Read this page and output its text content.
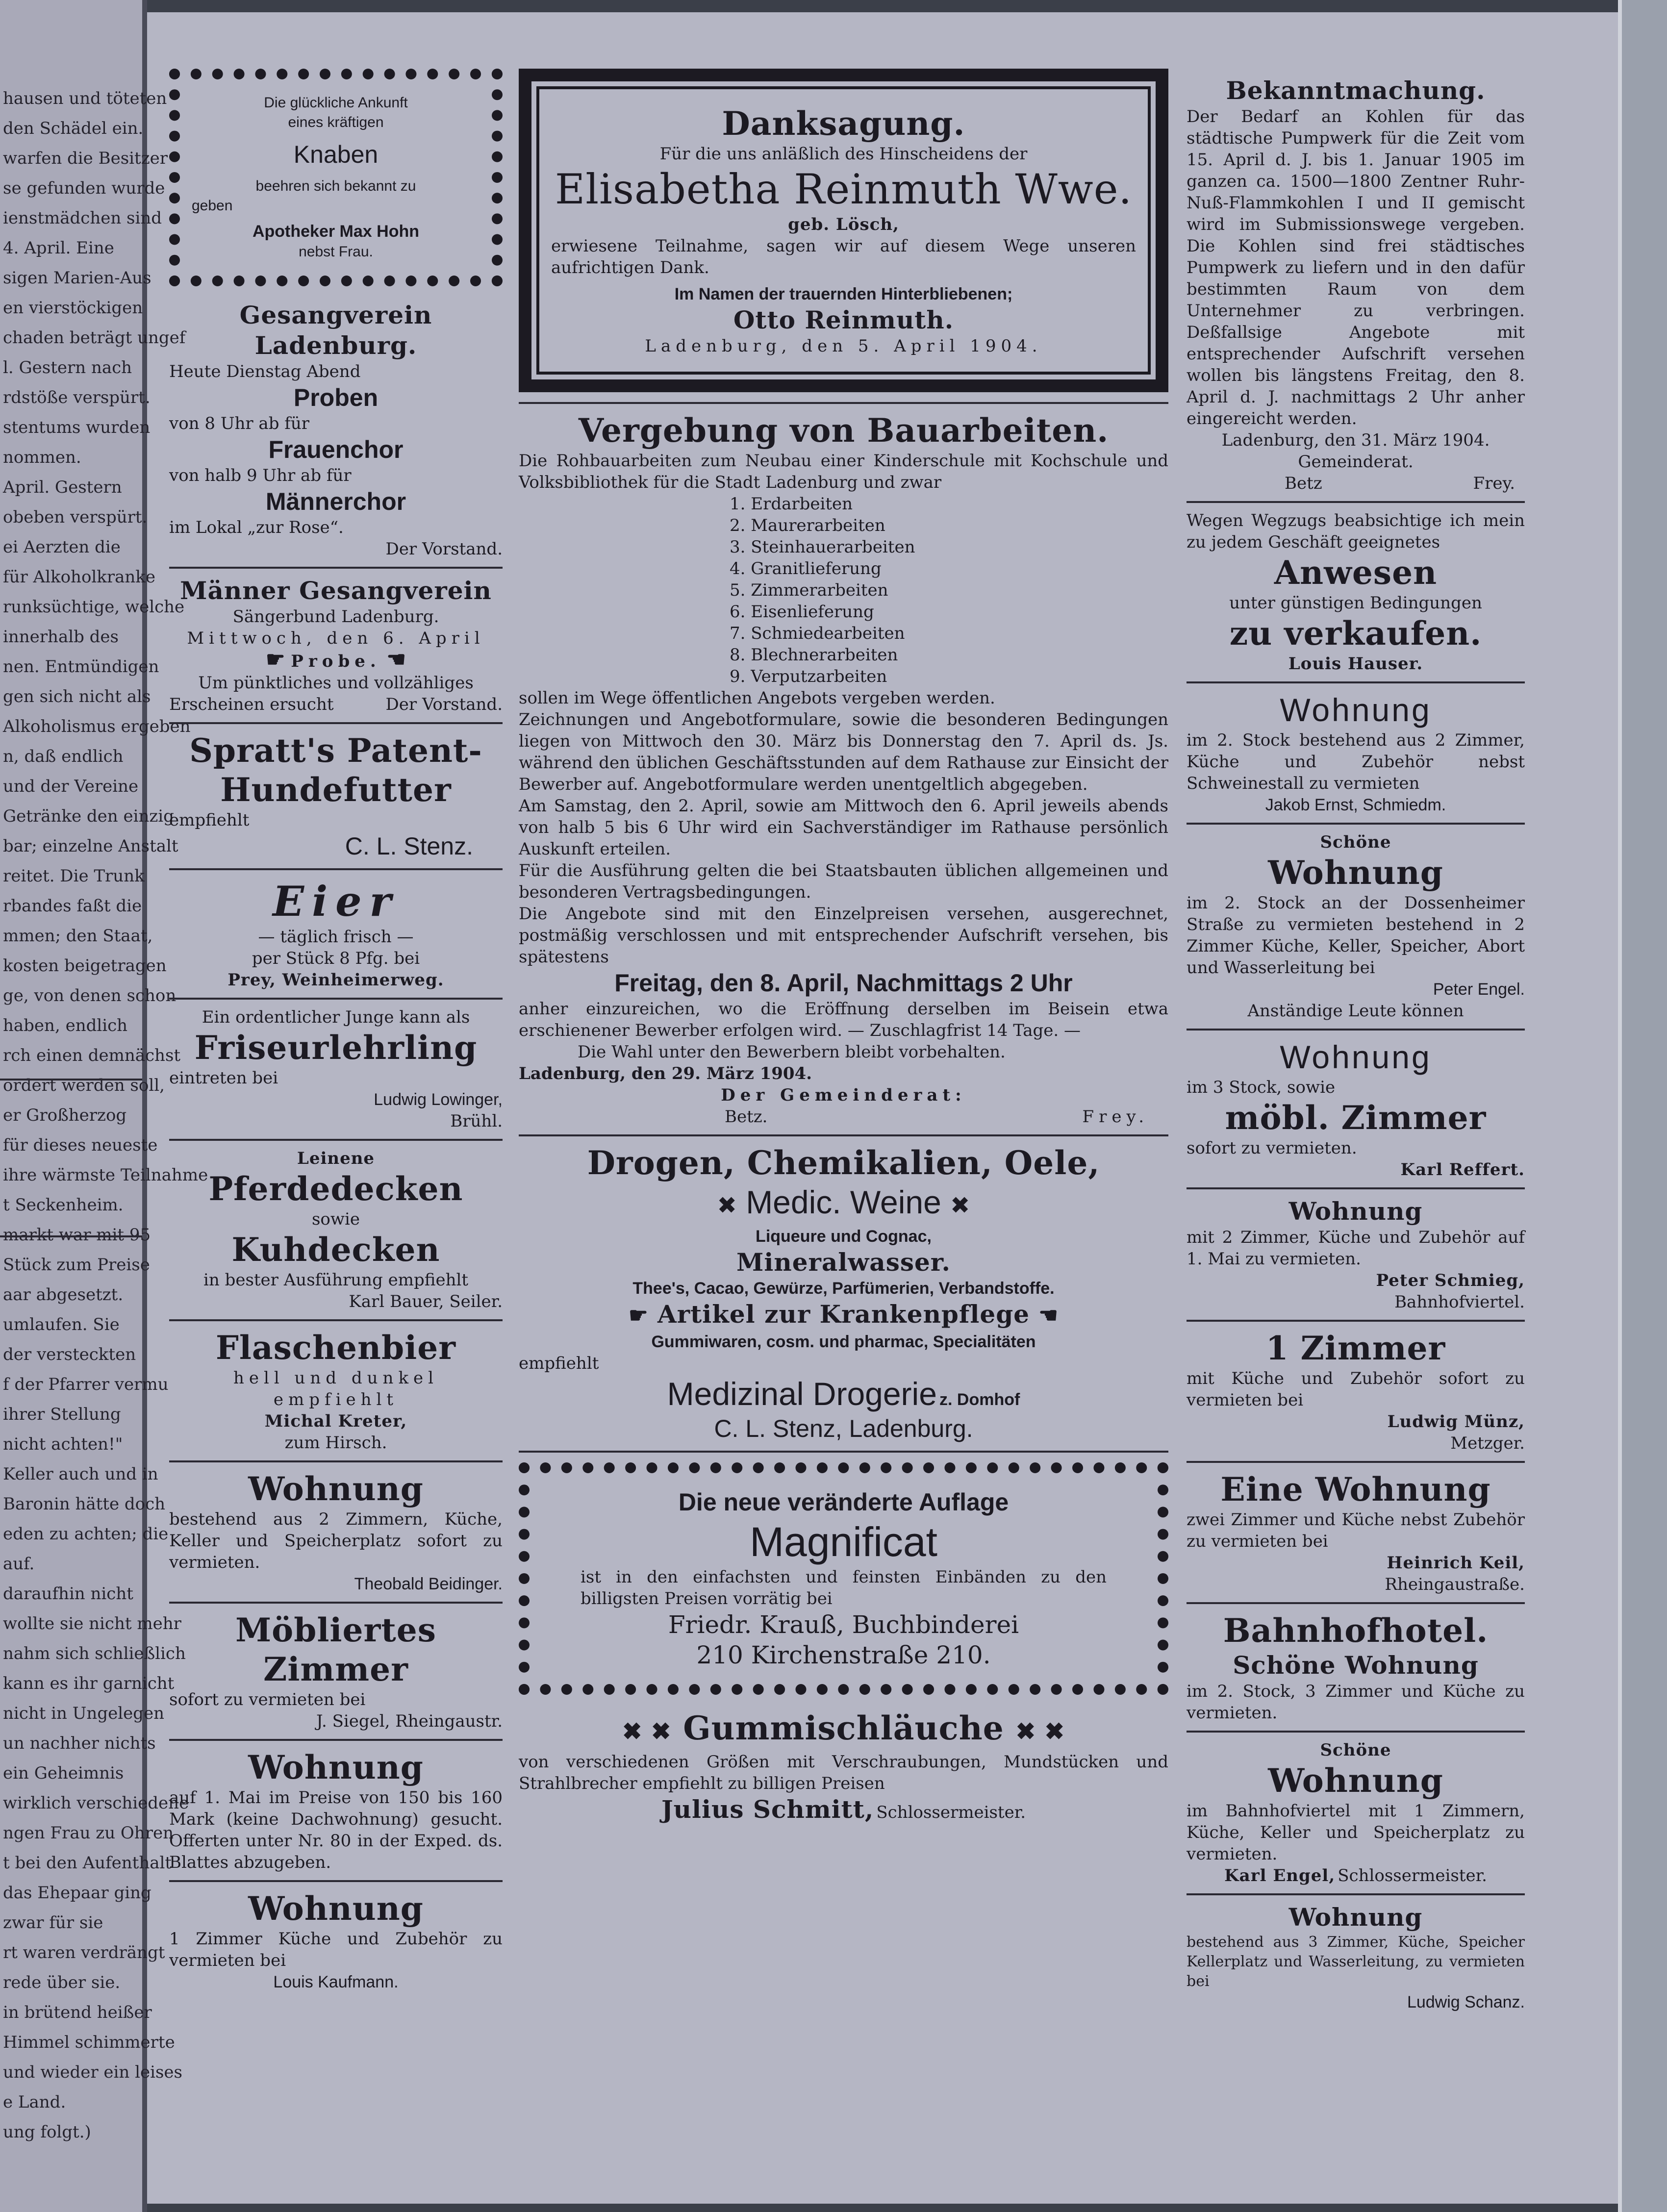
hausen und töteten
den Schädel ein.
warfen die Besitzer
se gefunden wurde
ienstmädchen sind
4. April. Eine
sigen Marien-Aus
en vierstöckigen
chaden beträgt ungef
l. Gestern nach
rdstöße verspürt.
stentums wurden
nommen.
April. Gestern
obeben verspürt.
ei Aerzten die
für Alkoholkranke
runksüchtige, welche
innerhalb des
nen. Entmündigen
gen sich nicht als
Alkoholismus ergeben
n, daß endlich
und der Vereine
Getränke den einzig
bar; einzelne Anstalt
reitet. Die Trunk
rbandes faßt die
mmen; den Staat,
kosten beigetragen
ge, von denen schon
haben, endlich
rch einen demnächst
ordert werden soll,
er Großherzog
für dieses neueste
ihre wärmste Teilnahme
t Seckenheim.
markt war mit 95
Stück zum Preise
aar abgesetzt.
umlaufen. Sie
der versteckten
f der Pfarrer vermu
ihrer Stellung
nicht achten!"
Keller auch und in
Baronin hätte doch
eden zu achten; die
auf.
daraufhin nicht
wollte sie nicht mehr
nahm sich schließlich
kann es ihr garnicht
nicht in Ungelegen
un nachher nichts
ein Geheimnis
wirklich verschiedene
ngen Frau zu Ohren
t bei den Aufenthalt
das Ehepaar ging
zwar für sie
rt waren verdrängt
rede über sie.
in brütend heißer
Himmel schimmerte
und wieder ein leises
e Land.
ung folgt.)
Die glückliche Ankunft
eines kräftigen
Knaben
beehren sich bekannt zu
geben
Apotheker Max Hohn
nebst Frau.
Gesangverein Ladenburg.
Heute Dienstag Abend
Proben
von 8 Uhr ab für
Frauenchor
von halb 9 Uhr ab für
Männerchor
im Lokal „zur Rose“.
Der Vorstand.
Männer Gesangverein
Sängerbund Ladenburg.
Mittwoch, den 6. April
☛ Probe. ☚
Um pünktliches und vollzähliges
Erscheinen ersucht	Der Vorstand.
Spratt's Patent-
Hundefutter
empfiehlt
C. L. Stenz.
Eier
— täglich frisch —
per Stück 8 Pfg. bei
Prey, Weinheimerweg.
Ein ordentlicher Junge kann als
Friseurlehrling
eintreten bei
Ludwig Lowinger,
Brühl.
Leinene
Pferdedecken
sowie
Kuhdecken
in bester Ausführung empfiehlt
Karl Bauer, Seiler.
Flaschenbier
hell und dunkel empfiehlt
Michal Kreter,
zum Hirsch.
Wohnung
bestehend aus 2 Zimmern, Küche, Keller und Speicherplatz sofort zu vermieten.
Theobald Beidinger.
Möbliertes Zimmer
sofort zu vermieten bei
J. Siegel, Rheingaustr.
Wohnung
auf 1. Mai im Preise von 150 bis 160 Mark (keine Dachwohnung) gesucht. Offerten unter Nr. 80 in der Exped. ds. Blattes abzugeben.
Wohnung
1 Zimmer Küche und Zubehör zu vermieten bei
Louis Kaufmann.
Danksagung.
Für die uns anläßlich des Hinscheidens der
Elisabetha Reinmuth Wwe.
geb. Lösch,
erwiesene Teilnahme, sagen wir auf diesem Wege unseren aufrichtigen Dank.
Im Namen der trauernden Hinterbliebenen;
Otto Reinmuth.
Ladenburg, den 5. April 1904.
Vergebung von Bauarbeiten.
Die Rohbauarbeiten zum Neubau einer Kinderschule mit Kochschule und Volksbibliothek für die Stadt Ladenburg und zwar
1. Erdarbeiten
2. Maurerarbeiten
3. Steinhauerarbeiten
4. Granitlieferung
5. Zimmerarbeiten
6. Eisenlieferung
7. Schmiedearbeiten
8. Blechnerarbeiten
9. Verputzarbeiten
sollen im Wege öffentlichen Angebots vergeben werden.
Zeichnungen und Angebotformulare, sowie die besonderen Bedingungen liegen von Mittwoch den 30. März bis Donnerstag den 7. April ds. Js. während den üblichen Geschäftsstunden auf dem Rathause zur Einsicht der Bewerber auf. Angebotformulare werden unentgeltlich abgegeben.
Am Samstag, den 2. April, sowie am Mittwoch den 6. April jeweils abends von halb 5 bis 6 Uhr wird ein Sachverständiger im Rathause persönlich Auskunft erteilen.
Für die Ausführung gelten die bei Staatsbauten üblichen allgemeinen und besonderen Vertragsbedingungen.
Die Angebote sind mit den Einzelpreisen versehen, ausgerechnet, postmäßig verschlossen und mit entsprechender Aufschrift versehen, bis spätestens
Freitag, den 8. April, Nachmittags 2 Uhr
anher einzureichen, wo die Eröffnung derselben im Beisein etwa erschienener Bewerber erfolgen wird. — Zuschlagfrist 14 Tage. —
Die Wahl unter den Bewerbern bleibt vorbehalten.
Ladenburg, den 29. März 1904.
Der Gemeinderat:
Betz.	Frey.
Drogen, Chemikalien, Oele,
✖ Medic. Weine ✖
Liqueure und Cognac,
Mineralwasser.
Thee's, Cacao, Gewürze, Parfümerien, Verbandstoffe.
☛ Artikel zur Krankenpflege ☚
Gummiwaren, cosm. und pharmac, Specialitäten
empfiehlt
Medizinal Drogerie z. Domhof
C. L. Stenz, Ladenburg.
Die neue veränderte Auflage
Magnificat
ist in den einfachsten und feinsten Einbänden zu den billigsten Preisen vorrätig bei
Friedr. Krauß, Buchbinderei
210 Kirchenstraße 210.
✖ ✖ Gummischläuche ✖ ✖
von verschiedenen Größen mit Verschraubungen, Mundstücken und Strahlbrecher empfiehlt zu billigen Preisen
Julius Schmitt, Schlossermeister.
Bekanntmachung.
Der Bedarf an Kohlen für das städtische Pumpwerk für die Zeit vom 15. April d. J. bis 1. Januar 1905 im ganzen ca. 1500—1800 Zentner Ruhr-Nuß-Flammkohlen I und II gemischt wird im Submissionswege vergeben. Die Kohlen sind frei städtisches Pumpwerk zu liefern und in den dafür bestimmten Raum von dem Unternehmer zu verbringen. Deßfallsige Angebote mit entsprechender Aufschrift versehen wollen bis längstens Freitag, den 8. April d. J. nachmittags 2 Uhr anher eingereicht werden.
Ladenburg, den 31. März 1904.
Gemeinderat.
Betz	Frey.
Wegen Wegzugs beabsichtige ich mein zu jedem Geschäft geeignetes
Anwesen
unter günstigen Bedingungen
zu verkaufen.
Louis Hauser.
Wohnung
im 2. Stock bestehend aus 2 Zimmer, Küche und Zubehör nebst Schweinestall zu vermieten
Jakob Ernst, Schmiedm.
Schöne
Wohnung
im 2. Stock an der Dossenheimer Straße zu vermieten bestehend in 2 Zimmer Küche, Keller, Speicher, Abort und Wasserleitung bei
Peter Engel.
Anständige Leute können
Wohnung
im 3 Stock, sowie
möbl. Zimmer
sofort zu vermieten.
Karl Reffert.
Wohnung
mit 2 Zimmer, Küche und Zubehör auf 1. Mai zu vermieten.
Peter Schmieg,
Bahnhofviertel.
1 Zimmer
mit Küche und Zubehör sofort zu vermieten bei
Ludwig Münz,
Metzger.
Eine Wohnung
zwei Zimmer und Küche nebst Zubehör zu vermieten bei
Heinrich Keil,
Rheingaustraße.
Bahnhofhotel.
Schöne Wohnung
im 2. Stock, 3 Zimmer und Küche zu vermieten.
Schöne
Wohnung
im Bahnhofviertel mit 1 Zimmern, Küche, Keller und Speicherplatz zu vermieten.
Karl Engel, Schlossermeister.
Wohnung
bestehend aus 3 Zimmer, Küche, Speicher Kellerplatz und Wasserleitung, zu vermieten bei
Ludwig Schanz.
